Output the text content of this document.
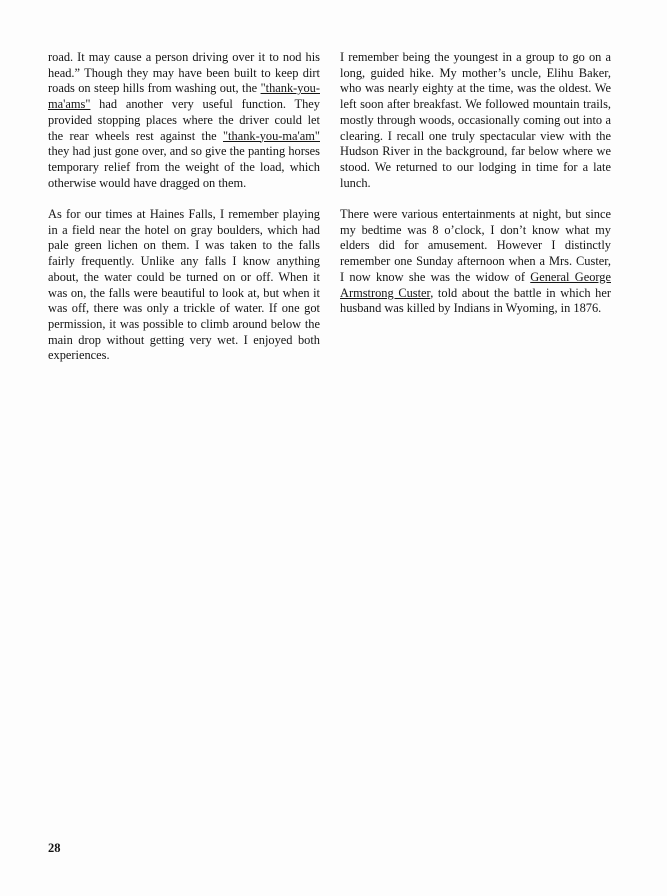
road. It may cause a person driving over it to nod his head.” Though they may have been built to keep dirt roads on steep hills from washing out, the "thank-you-ma'ams" had another very useful function. They provided stopping places where the driver could let the rear wheels rest against the "thank-you-ma'am" they had just gone over, and so give the panting horses temporary relief from the weight of the load, which otherwise would have dragged on them.

As for our times at Haines Falls, I remember playing in a field near the hotel on gray boulders, which had pale green lichen on them. I was taken to the falls fairly frequently. Unlike any falls I know anything about, the water could be turned on or off. When it was on, the falls were beautiful to look at, but when it was off, there was only a trickle of water. If one got permission, it was possible to climb around below the main drop without getting very wet. I enjoyed both experiences.

I remember being the youngest in a group to go on a long, guided hike. My mother’s uncle, Elihu Baker, who was nearly eighty at the time, was the oldest. We left soon after breakfast. We followed mountain trails, mostly through woods, occasionally coming out into a clearing. I recall one truly spectacular view with the Hudson River in the background, far below where we stood. We returned to our lodging in time for a late lunch.

There were various entertainments at night, but since my bedtime was 8 o’clock, I don’t know what my elders did for amusement. However I distinctly remember one Sunday afternoon when a Mrs. Custer, I now know she was the widow of General George Armstrong Custer, told about the battle in which her husband was killed by Indians in Wyoming, in 1876.

28
